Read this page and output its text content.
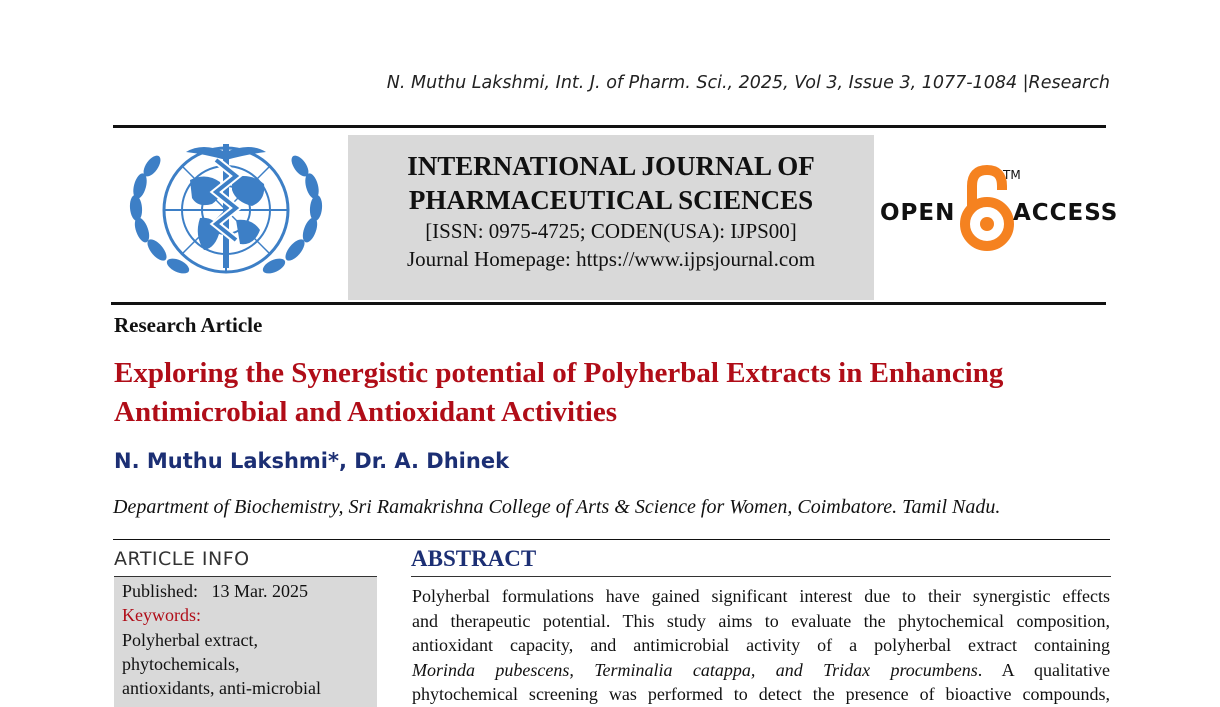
N. Muthu Lakshmi, Int. J. of Pharm. Sci., 2025, Vol 3, Issue 3, 1077-1084 |Research
INTERNATIONAL JOURNAL OF
PHARMACEUTICAL SCIENCES
[ISSN: 0975-4725; CODEN(USA): IJPS00]
Journal Homepage: https://www.ijpsjournal.com
OPEN
TM
ACCESS
Research Article
Exploring the Synergistic potential of Polyherbal Extracts in Enhancing Antimicrobial and Antioxidant Activities
N. Muthu Lakshmi*, Dr. A. Dhinek
Department of Biochemistry, Sri Ramakrishna College of Arts & Science for Women, Coimbatore. Tamil Nadu.
ARTICLE INFO
Published: 13 Mar. 2025
Keywords:
Polyherbal extract,
phytochemicals,
antioxidants, anti-microbial
ABSTRACT
Polyherbal formulations have gained significant interest due to their synergistic effects
and therapeutic potential. This study aims to evaluate the phytochemical composition,
antioxidant capacity, and antimicrobial activity of a polyherbal extract containing
Morinda pubescens, Terminalia catappa, and Tridax procumbens. A qualitative
phytochemical screening was performed to detect the presence of bioactive compounds,
